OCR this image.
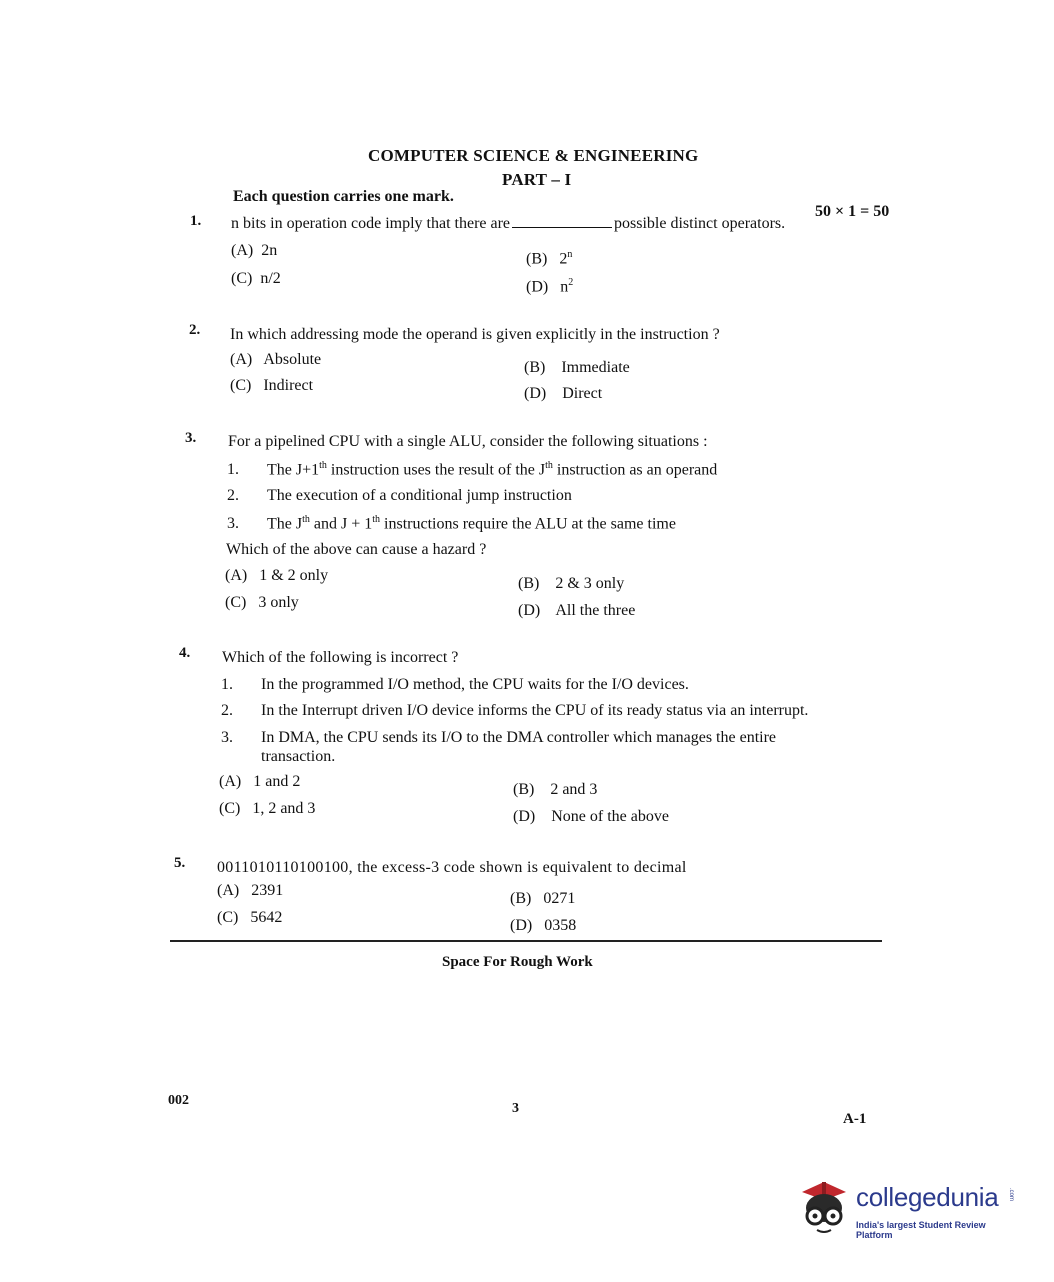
COMPUTER SCIENCE & ENGINEERING
PART – I
Each question carries one mark.
50 × 1 = 50
1. n bits in operation code imply that there are	possible distinct operators.
(A) 2n	(B) 2$^n$
(C) n/2	(D) $n^2$
2. In which addressing mode the operand is given explicitly in the instruction ?
(A) Absolute	(B) Immediate
(C) Indirect	(D) Direct
3. For a pipelined CPU with a single ALU, consider the following situations :
1. The J+1th instruction uses the result of the $J^{th}$ instruction as an operand
2. The execution of a conditional jump instruction
3. The $J^{th}$ and J + 1th instructions require the ALU at the same time
Which of the above can cause a hazard ?
(A) 1 & 2 only	(B) 2 & 3 only
(C) 3 only	(D) All the three
4. Which of the following is incorrect ?
1. In the programmed I/O method, the CPU waits for the I/O devices.
2. In the Interrupt driven I/O device informs the CPU of its ready status via an interrupt.
3. In DMA, the CPU sends its I/O to the DMA controller which manages the entire
transaction.
(A) 1 and 2	(B) 2 and 3
(C) 1, 2 and 3	(D) None of the above
5. 0011010110100100, the excess-3 code shown is equivalent to decimal
(A) 2391	(B) 0271
(C) 5642	(D) 0358
Space For Rough Work
002
3
A-1
collegedunia .com
India's largest Student Review Platform
